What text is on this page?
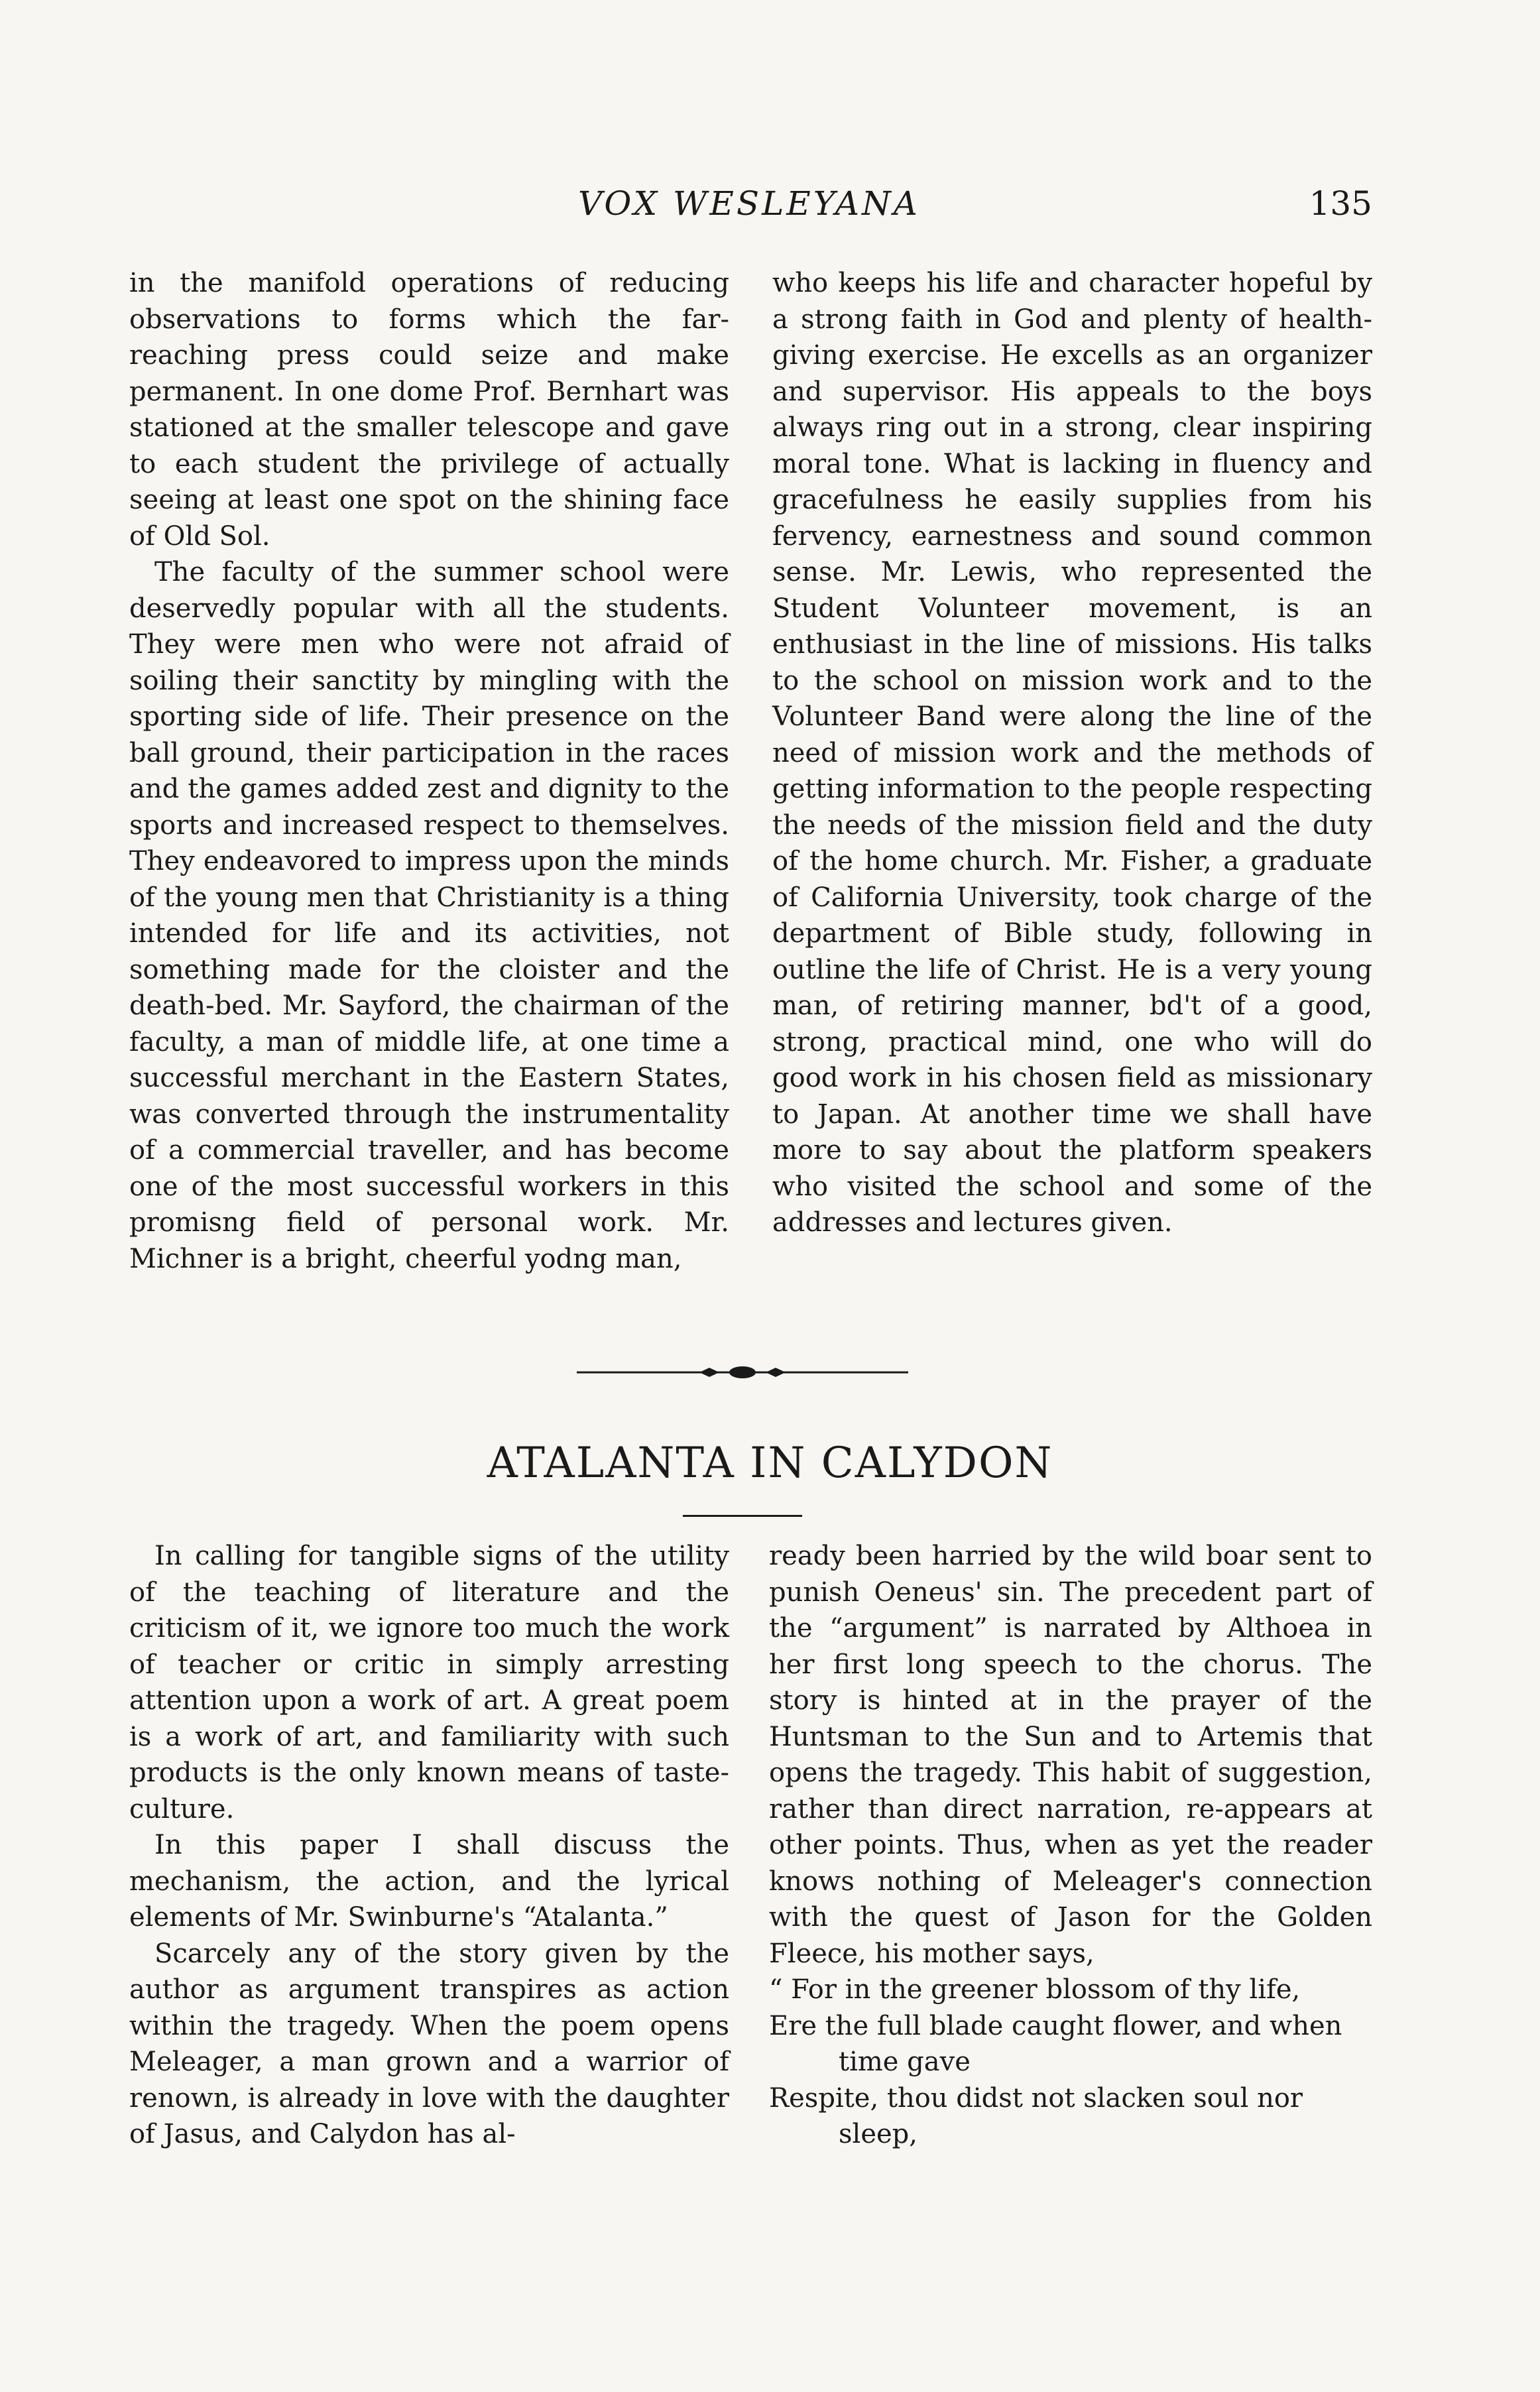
VOX WESLEYANA	135

in the manifold operations of reducing observations to forms which the far-reaching press could seize and make permanent. In one dome Prof. Bernhart was stationed at the smaller telescope and gave to each student the privilege of actually seeing at least one spot on the shining face of Old Sol.

The faculty of the summer school were deservedly popular with all the students. They were men who were not afraid of soiling their sanctity by mingling with the sporting side of life. Their presence on the ball ground, their participation in the races and the games added zest and dignity to the sports and increased respect to themselves. They endeavored to impress upon the minds of the young men that Christianity is a thing intended for life and its activities, not something made for the cloister and the death-bed. Mr. Sayford, the chairman of the faculty, a man of middle life, at one time a successful merchant in the Eastern States, was converted through the instrumentality of a commercial traveller, and has become one of the most successful workers in this promisng field of personal work. Mr. Michner is a bright, cheerful yodng man,

who keeps his life and character hopeful by a strong faith in God and plenty of health-giving exercise. He excells as an organizer and supervisor. His appeals to the boys always ring out in a strong, clear inspiring moral tone. What is lacking in fluency and gracefulness he easily supplies from his fervency, earnestness and sound common sense. Mr. Lewis, who represented the Student Volunteer movement, is an enthusiast in the line of missions. His talks to the school on mission work and to the Volunteer Band were along the line of the need of mission work and the methods of getting information to the people respecting the needs of the mission field and the duty of the home church. Mr. Fisher, a graduate of California University, took charge of the department of Bible study, following in outline the life of Christ. He is a very young man, of retiring manner, bd't of a good, strong, practical mind, one who will do good work in his chosen field as missionary to Japan. At another time we shall have more to say about the platform speakers who visited the school and some of the addresses and lectures given.

ATALANTA IN CALYDON

In calling for tangible signs of the utility of the teaching of literature and the criticism of it, we ignore too much the work of teacher or critic in simply arresting attention upon a work of art. A great poem is a work of art, and familiarity with such products is the only known means of taste-culture.

In this paper I shall discuss the mechanism, the action, and the lyrical elements of Mr. Swinburne's “Atalanta.”

Scarcely any of the story given by the author as argument transpires as action within the tragedy. When the poem opens Meleager, a man grown and a warrior of renown, is already in love with the daughter of Jasus, and Calydon has al-

ready been harried by the wild boar sent to punish Oeneus' sin. The precedent part of the “argument” is narrated by Althoea in her first long speech to the chorus. The story is hinted at in the prayer of the Huntsman to the Sun and to Artemis that opens the tragedy. This habit of suggestion, rather than direct narration, re-appears at other points. Thus, when as yet the reader knows nothing of Meleager's connection with the quest of Jason for the Golden Fleece, his mother says,

“ For in the greener blossom of thy life,
Ere the full blade caught flower, and when
time gave
Respite, thou didst not slacken soul nor
sleep,
